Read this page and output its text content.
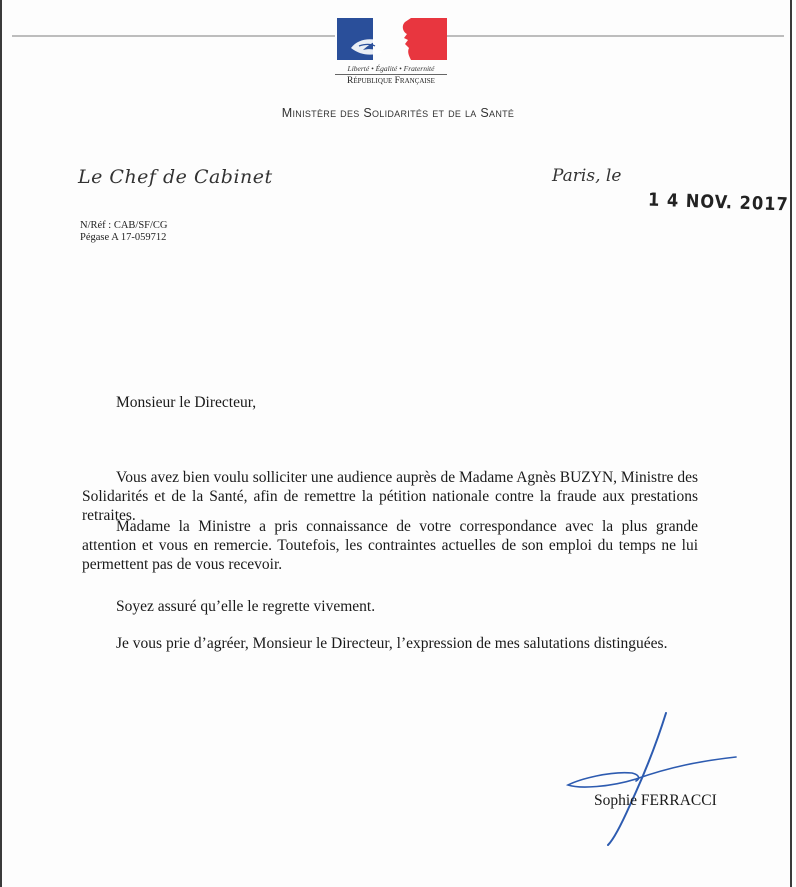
Liberté • Égalité • Fraternité
République Française
Ministère des Solidarités et de la Santé
Le Chef de Cabinet
N/Réf : CAB/SF/CG
Pégase A 17-059712
Paris, le
1 4 NOV. 2017
Monsieur le Directeur,

Vous avez bien voulu solliciter une audience auprès de Madame Agnès BUZYN, Ministre des Solidarités et de la Santé, afin de remettre la pétition nationale contre la fraude aux prestations retraites.

Madame la Ministre a pris connaissance de votre correspondance avec la plus grande attention et vous en remercie. Toutefois, les contraintes actuelles de son emploi du temps ne lui permettent pas de vous recevoir.

Soyez assuré qu’elle le regrette vivement.

Je vous prie d’agréer, Monsieur le Directeur, l’expression de mes salutations distinguées.

Sophie FERRACCI
